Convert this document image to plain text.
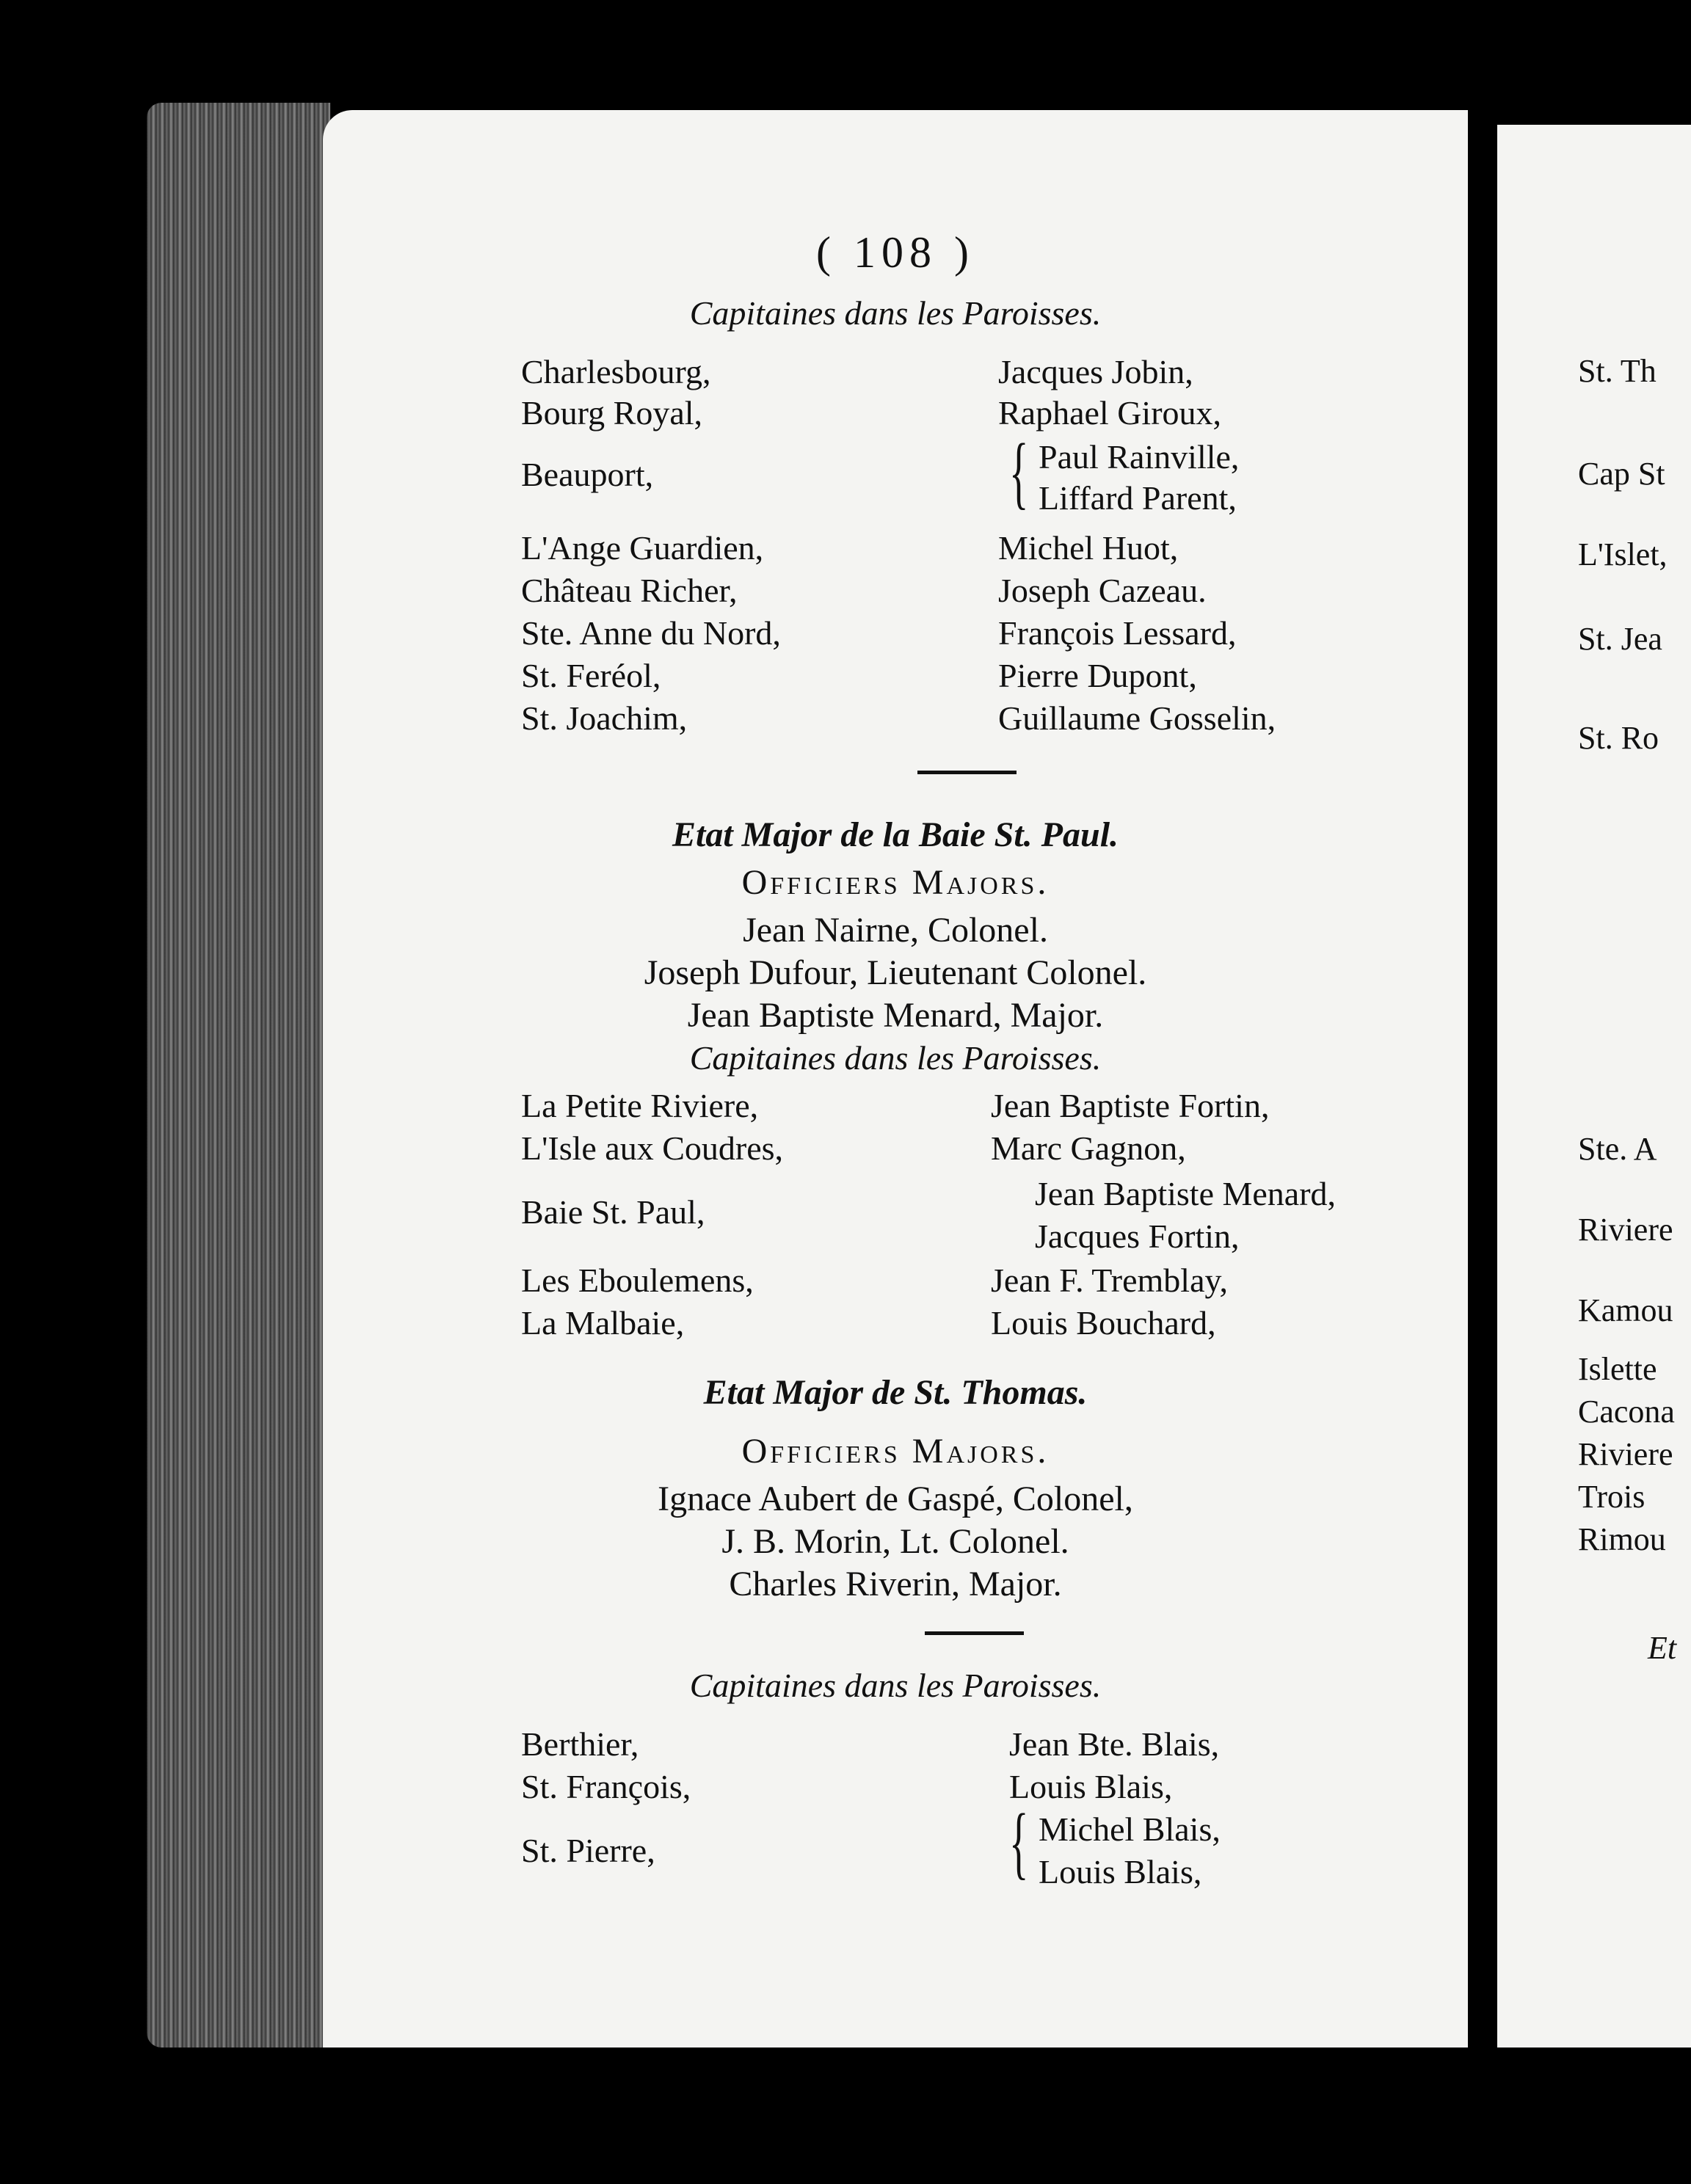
( 108 )
Capitaines dans les Paroisses.
Charlesbourg,	Jacques Jobin,
Bourg Royal,	Raphael Giroux,
Beauport,	{ Paul Rainville,
Liffard Parent,
L'Ange Guardien,	Michel Huot,
Château Richer,	Joseph Cazeau.
Ste. Anne du Nord,	François Lessard,
St. Feréol,	Pierre Dupont,
St. Joachim,	Guillaume Gosselin,
Etat Major de la Baie St. Paul.
Officiers Majors.
Jean Nairne, Colonel.
Joseph Dufour, Lieutenant Colonel.
Jean Baptiste Menard, Major.
Capitaines dans les Paroisses.
La Petite Riviere,	Jean Baptiste Fortin,
L'Isle aux Coudres,	Marc Gagnon,
Baie St. Paul,	Jean Baptiste Menard,
Jacques Fortin,
Les Eboulemens,	Jean F. Tremblay,
La Malbaie,	Louis Bouchard,
Etat Major de St. Thomas.
Officiers Majors.
Ignace Aubert de Gaspé, Colonel,
J. B. Morin, Lt. Colonel.
Charles Riverin, Major.
Capitaines dans les Paroisses.
Berthier,	Jean Bte. Blais,
St. François,	Louis Blais,
St. Pierre,	{ Michel Blais,
Louis Blais,
St. Th
Cap St
L'Islet,
St. Jea
St. Ro
Ste. A
Riviere
Kamou
Islette
Cacona
Riviere
Trois
Rimou
Et
